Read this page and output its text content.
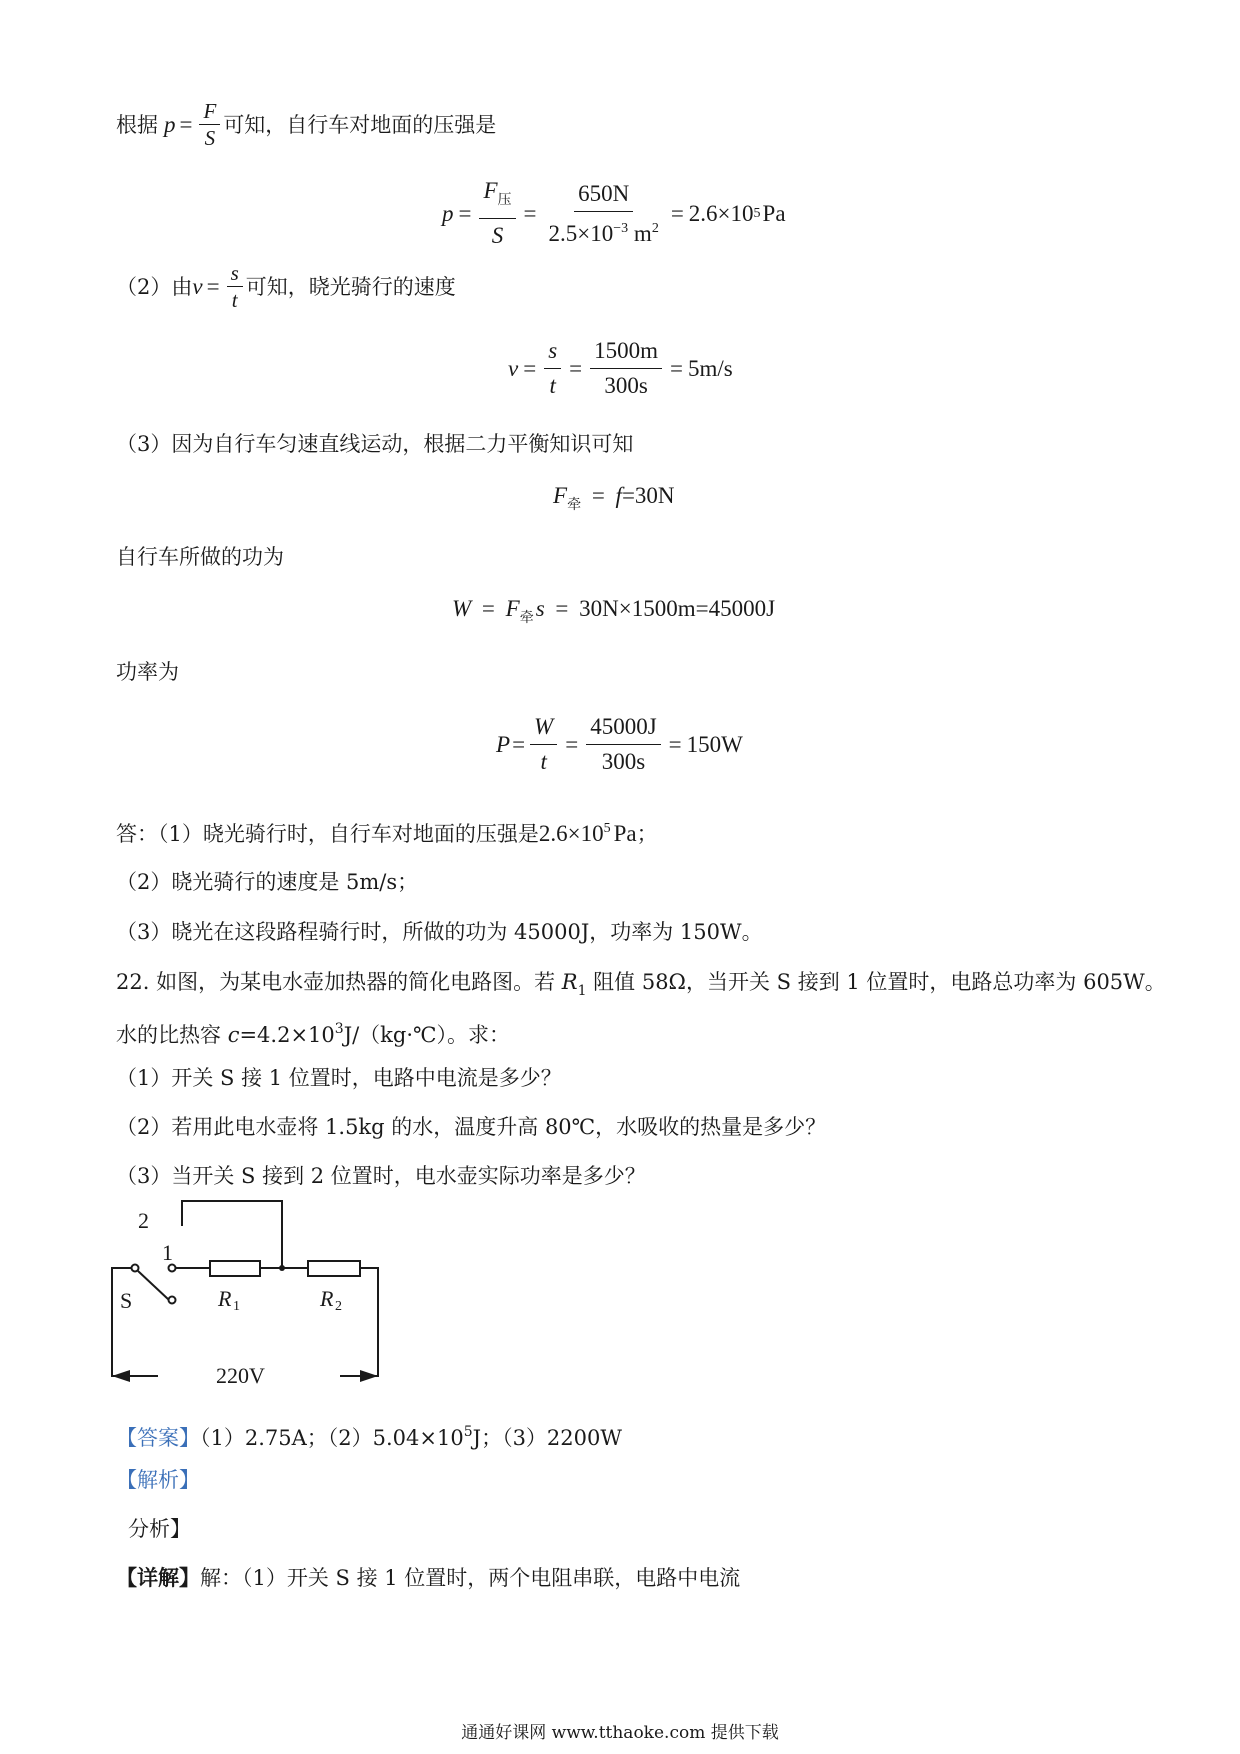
根据 $p = \frac{F}{S}$ 可知，自行车对地面的压强是
$p = \frac{F_压}{S} = \frac{650N}{2.5\times 10^{-3} m^2} = 2.6\times 10$ 5 Pa
（2）由 $v = \frac{s}{t}$ 可知，晓光骑行的速度
$v = \frac{s}{t} = \frac{1500m}{300s} = 5m/s$
（3）因为自行车匀速直线运动，根据二力平衡知识可知
$F_牵 = f=30N$
自行车所做的功为
$W = F_牵s = 30N\times 1500m=45000J$
功率为
$P = \frac{W}{t} = \frac{45000J}{300s} = 150W$
答：（1）晓光骑行时，自行车对地面的压强是$2.6\times 10^5$ Pa；
（2）晓光骑行的速度是 5m/s；
（3）晓光在这段路程骑行时，所做的功为 45000J，功率为 150W。
22. 如图，为某电水壶加热器的简化电路图。若 $R_1$ 阻值 58Ω，当开关 S 接到 1 位置时，电路总功率为 605W。
水的比热容 $c=4.2\times 10^3J/(kg\cdot℃)$。求：
（1）开关 S 接 1 位置时，电路中电流是多少？
（2）若用此电水壶将 1.5kg 的水，温度升高 80℃，水吸收的热量是多少？
（3）当开关 S 接到 2 位置时，电水壶实际功率是多少？
2
1
S	R 1	R 2
220V
【答案】（1）2.75A；$(2)5.04\times 10^5J$；（3）2200W
【解析】
分析】
【详解】解：（1）开关 S 接 1 位置时，两个电阻串联，电路中电流
通通好课网 www.tthaoke.com 提供下载
